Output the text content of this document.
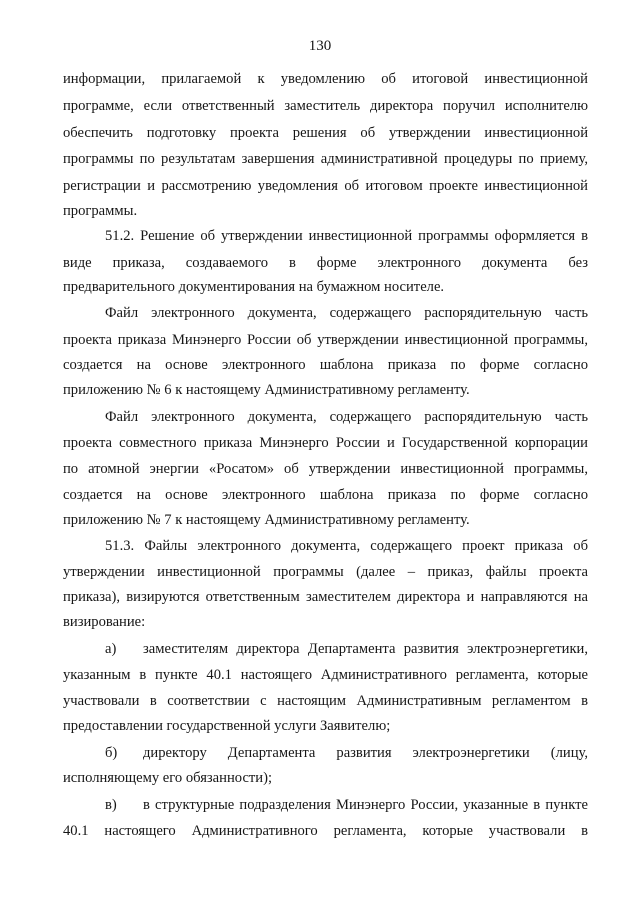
130
информации, прилагаемой к уведомлению об итоговой инвестиционной
программе, если ответственный заместитель директора поручил исполнителю
обеспечить подготовку проекта решения об утверждении инвестиционной
программы по результатам завершения административной процедуры по приему,
регистрации и рассмотрению уведомления об итоговом проекте инвестиционной
программы.
51.2. Решение об утверждении инвестиционной программы оформляется в
виде приказа, создаваемого в форме электронного документа без
предварительного документирования на бумажном носителе.
Файл электронного документа, содержащего распорядительную часть
проекта приказа Минэнерго России об утверждении инвестиционной программы,
создается на основе электронного шаблона приказа по форме согласно
приложению № 6 к настоящему Административному регламенту.
Файл электронного документа, содержащего распорядительную часть
проекта совместного приказа Минэнерго России и Государственной корпорации
по атомной энергии «Росатом» об утверждении инвестиционной программы,
создается на основе электронного шаблона приказа по форме согласно
приложению № 7 к настоящему Административному регламенту.
51.3. Файлы электронного документа, содержащего проект приказа об
утверждении инвестиционной программы (далее – приказ, файлы проекта
приказа), визируются ответственным заместителем директора и направляются на
визирование:
а)	заместителям директора Департамента развития электроэнергетики,
указанным в пункте 40.1 настоящего Административного регламента, которые
участвовали в соответствии с настоящим Административным регламентом в
предоставлении государственной услуги Заявителю;
б)	директору Департамента развития электроэнергетики (лицу,
исполняющему его обязанности);
в)	в структурные подразделения Минэнерго России, указанные в пункте
40.1 настоящего Административного регламента, которые участвовали в
